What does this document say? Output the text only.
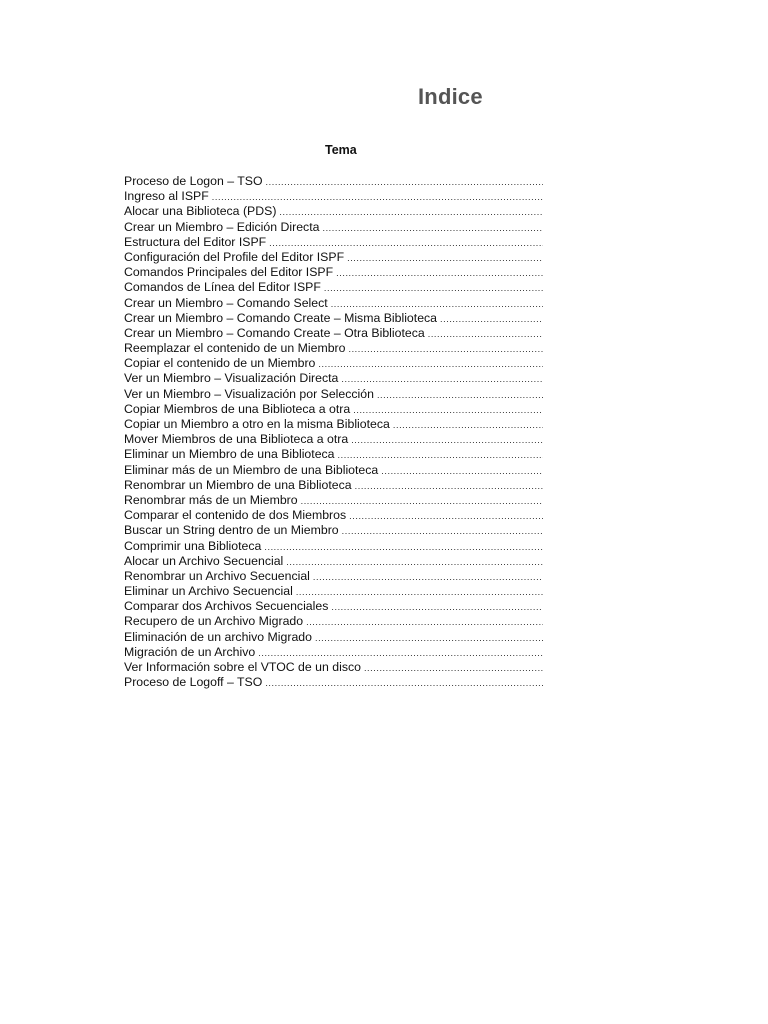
Indice
Tema
Proceso de Logon – TSO
.....
Ingreso al ISPF
.....
Alocar una Biblioteca (PDS)
.....
Crear un Miembro – Edición Directa
.....
Estructura del Editor ISPF
.....
Configuración del Profile del Editor ISPF
.....
Comandos Principales del Editor ISPF
.....
Comandos de Línea del Editor ISPF
.....
Crear un Miembro – Comando Select
.....
Crear un Miembro – Comando Create – Misma Biblioteca
.....
Crear un Miembro – Comando Create – Otra Biblioteca
.....
Reemplazar el contenido de un Miembro
.....
Copiar el contenido de un Miembro
.....
Ver un Miembro – Visualización Directa
.....
Ver un Miembro – Visualización por Selección
.....
Copiar Miembros de una Biblioteca a otra
.....
Copiar un Miembro a otro en la misma Biblioteca
.....
Mover Miembros de una Biblioteca a otra
.....
Eliminar un Miembro de una Biblioteca
.....
Eliminar más de un Miembro de una Biblioteca
.....
Renombrar un Miembro de una Biblioteca
.....
Renombrar más de un Miembro
.....
Comparar el contenido de dos Miembros
.....
Buscar un String dentro de un Miembro
.....
Comprimir una Biblioteca
.....
Alocar un Archivo Secuencial
.....
Renombrar un Archivo Secuencial
.....
Eliminar un Archivo Secuencial
.....
Comparar dos Archivos Secuenciales
.....
Recupero de un Archivo Migrado
.....
Eliminación de un archivo Migrado
.....
Migración de un Archivo
.....
Ver Información sobre el VTOC de un disco
.....
Proceso de Logoff – TSO
.....
